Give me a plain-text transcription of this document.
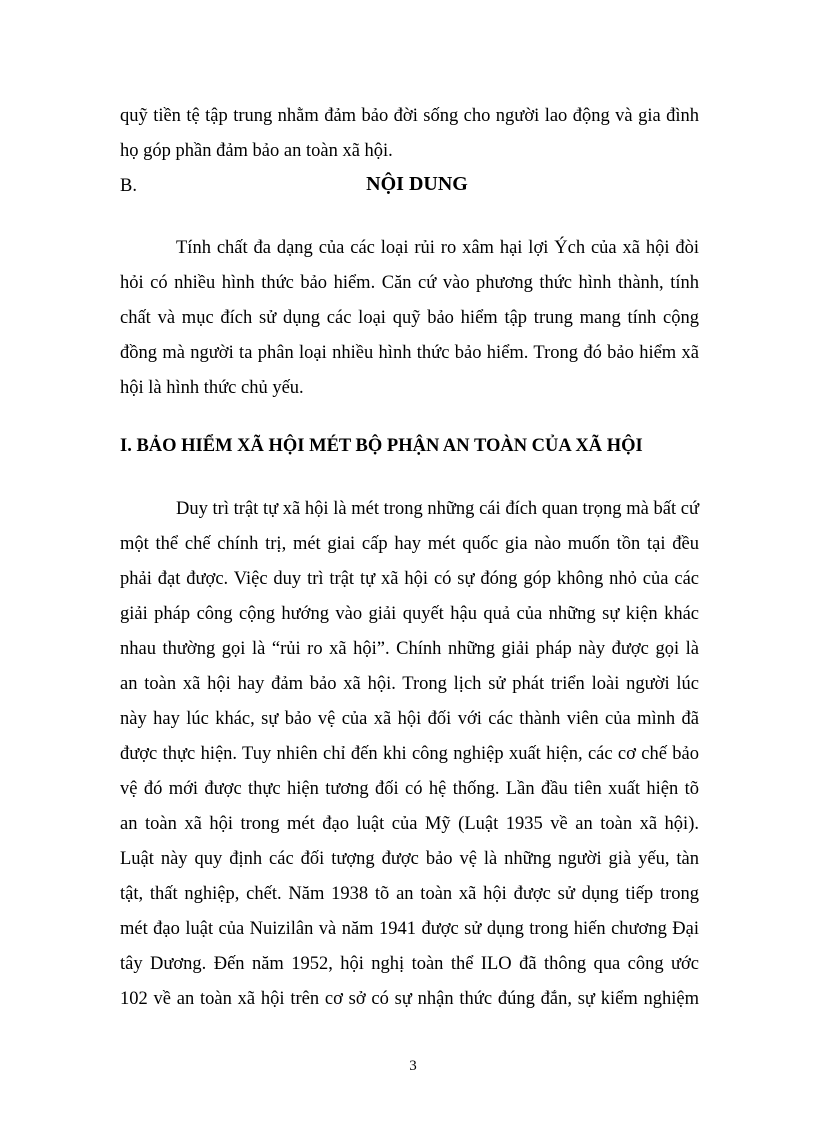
quỹ tiền tệ tập trung nhằm đảm bảo đời sống cho người lao động và gia đình
họ góp phần đảm bảo an toàn xã hội.
B.	NỘI DUNG
Tính chất đa dạng của các loại rủi ro xâm hại lợi Ých của xã hội đòi
hỏi có nhiều hình thức bảo hiểm. Căn cứ vào phương thức hình thành, tính
chất và mục đích sử dụng các loại quỹ bảo hiểm tập trung mang tính cộng
đồng mà người ta phân loại nhiều hình thức bảo hiểm. Trong đó bảo hiểm xã
hội là hình thức chủ yếu.
I. BẢO HIỂM XÃ HỘI MÉT BỘ PHẬN AN TOÀN CỦA XÃ HỘI
Duy trì trật tự xã hội là mét trong những cái đích quan trọng mà bất cứ
một thể chế chính trị, mét giai cấp hay mét quốc gia nào muốn tồn tại đều
phải đạt được. Việc duy trì trật tự xã hội có sự đóng góp không nhỏ của các
giải pháp công cộng hướng vào giải quyết hậu quả của những sự kiện khác
nhau thường gọi là “rủi ro xã hội”. Chính những giải pháp này được gọi là
an toàn xã hội hay đảm bảo xã hội. Trong lịch sử phát triển loài người lúc
này hay lúc khác, sự bảo vệ của xã hội đối với các thành viên của mình đã
được thực hiện. Tuy nhiên chỉ đến khi công nghiệp xuất hiện, các cơ chế bảo
vệ đó mới được thực hiện tương đối có hệ thống. Lần đầu tiên xuất hiện tõ
an toàn xã hội trong mét đạo luật của Mỹ (Luật 1935 về an toàn xã hội).
Luật này quy định các đối tượng được bảo vệ là những người già yếu, tàn
tật, thất nghiệp, chết. Năm 1938 tõ an toàn xã hội được sử dụng tiếp trong
mét đạo luật của Nuizilân và năm 1941 được sử dụng trong hiến chương Đại
tây Dương. Đến năm 1952, hội nghị toàn thể ILO đã thông qua công ước
102 về an toàn xã hội trên cơ sở có sự nhận thức đúng đắn, sự kiểm nghiệm
3
